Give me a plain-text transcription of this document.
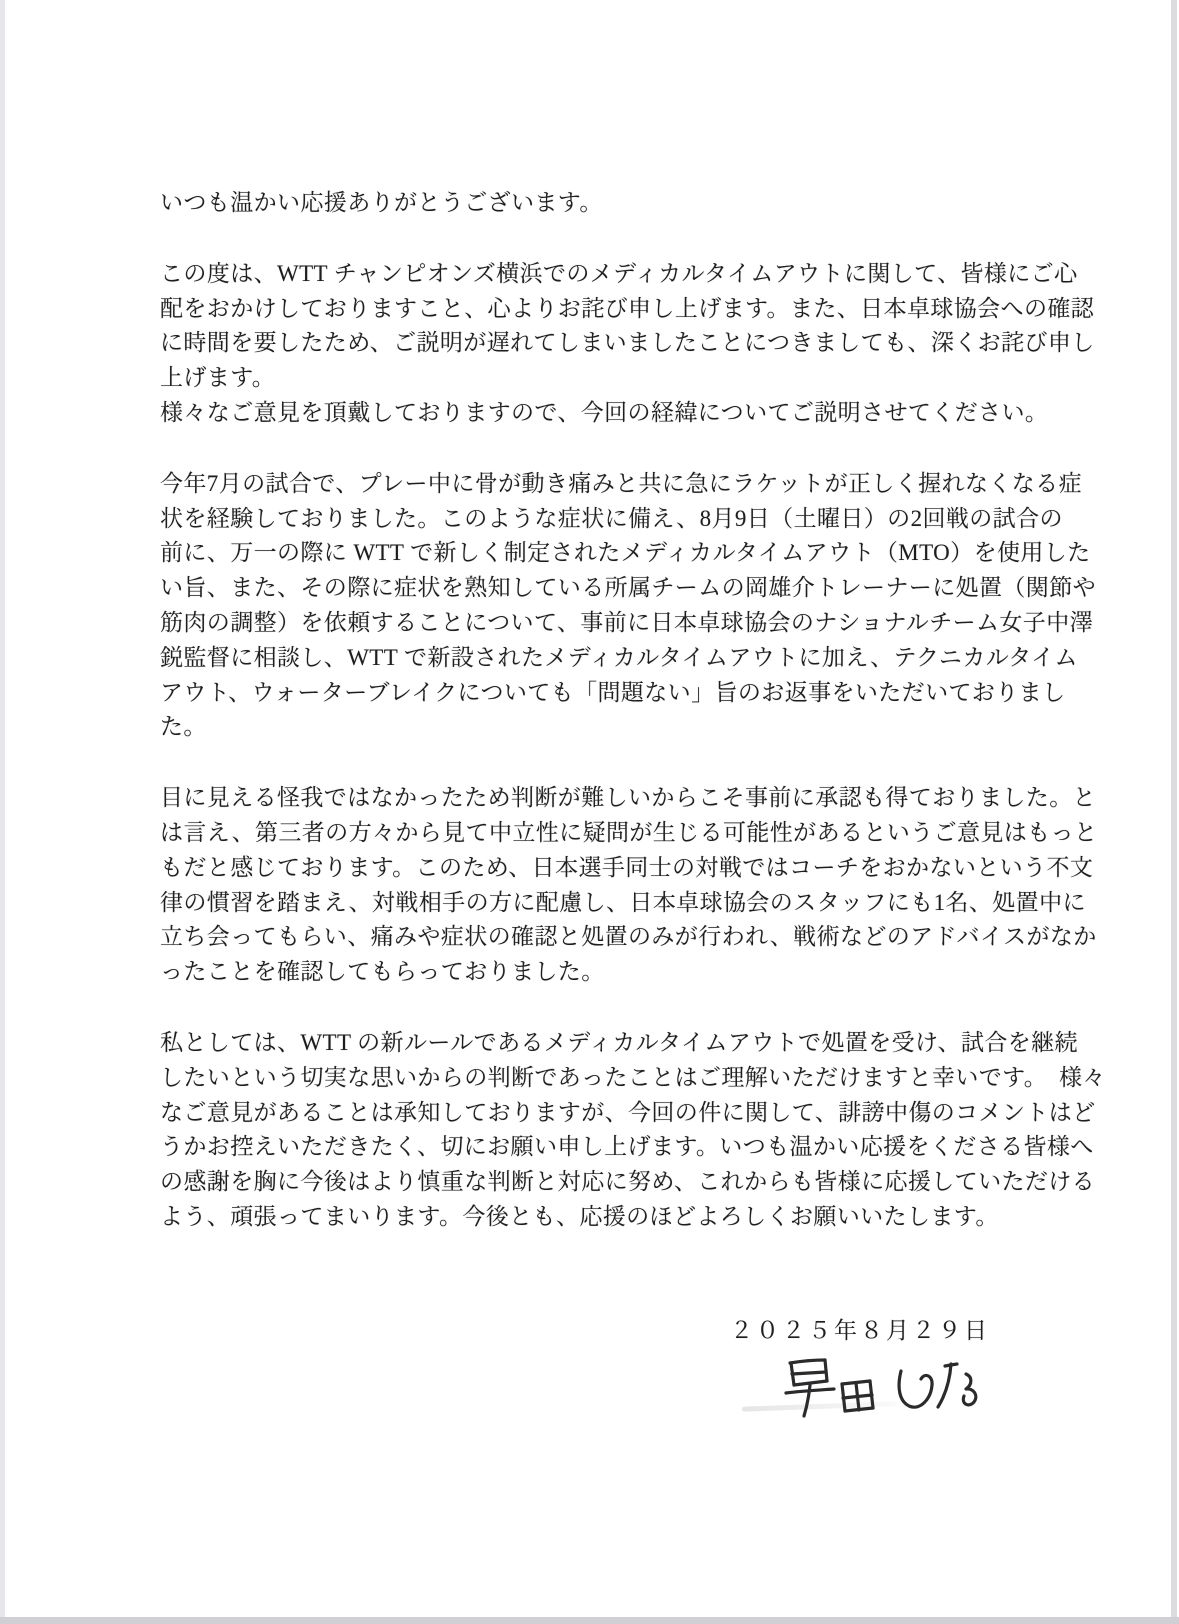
いつも温かい応援ありがとうございます。
この度は、WTT チャンピオンズ横浜でのメディカルタイムアウトに関して、皆様にご心
配をおかけしておりますこと、心よりお詫び申し上げます。また、日本卓球協会への確認
に時間を要したため、ご説明が遅れてしまいましたことにつきましても、深くお詫び申し
上げます。
様々なご意見を頂戴しておりますので、今回の経緯についてご説明させてください。
今年7月の試合で、プレー中に骨が動き痛みと共に急にラケットが正しく握れなくなる症
状を経験しておりました。このような症状に備え、8月9日（土曜日）の2回戦の試合の
前に、万一の際に WTT で新しく制定されたメディカルタイムアウト（MTO）を使用した
い旨、また、その際に症状を熟知している所属チームの岡雄介トレーナーに処置（関節や
筋肉の調整）を依頼することについて、事前に日本卓球協会のナショナルチーム女子中澤
鋭監督に相談し、WTT で新設されたメディカルタイムアウトに加え、テクニカルタイム
アウト、ウォーターブレイクについても「問題ない」旨のお返事をいただいておりまし
た。
目に見える怪我ではなかったため判断が難しいからこそ事前に承認も得ておりました。と
は言え、第三者の方々から見て中立性に疑問が生じる可能性があるというご意見はもっと
もだと感じております。このため、日本選手同士の対戦ではコーチをおかないという不文
律の慣習を踏まえ、対戦相手の方に配慮し、日本卓球協会のスタッフにも1名、処置中に
立ち会ってもらい、痛みや症状の確認と処置のみが行われ、戦術などのアドバイスがなか
ったことを確認してもらっておりました。
私としては、WTT の新ルールであるメディカルタイムアウトで処置を受け、試合を継続
したいという切実な思いからの判断であったことはご理解いただけますと幸いです。　様々
なご意見があることは承知しておりますが、今回の件に関して、誹謗中傷のコメントはど
うかお控えいただきたく、切にお願い申し上げます。いつも温かい応援をくださる皆様へ
の感謝を胸に今後はより慎重な判断と対応に努め、これからも皆様に応援していただける
よう、頑張ってまいります。今後とも、応援のほどよろしくお願いいたします。
２０２５年８月２９日
